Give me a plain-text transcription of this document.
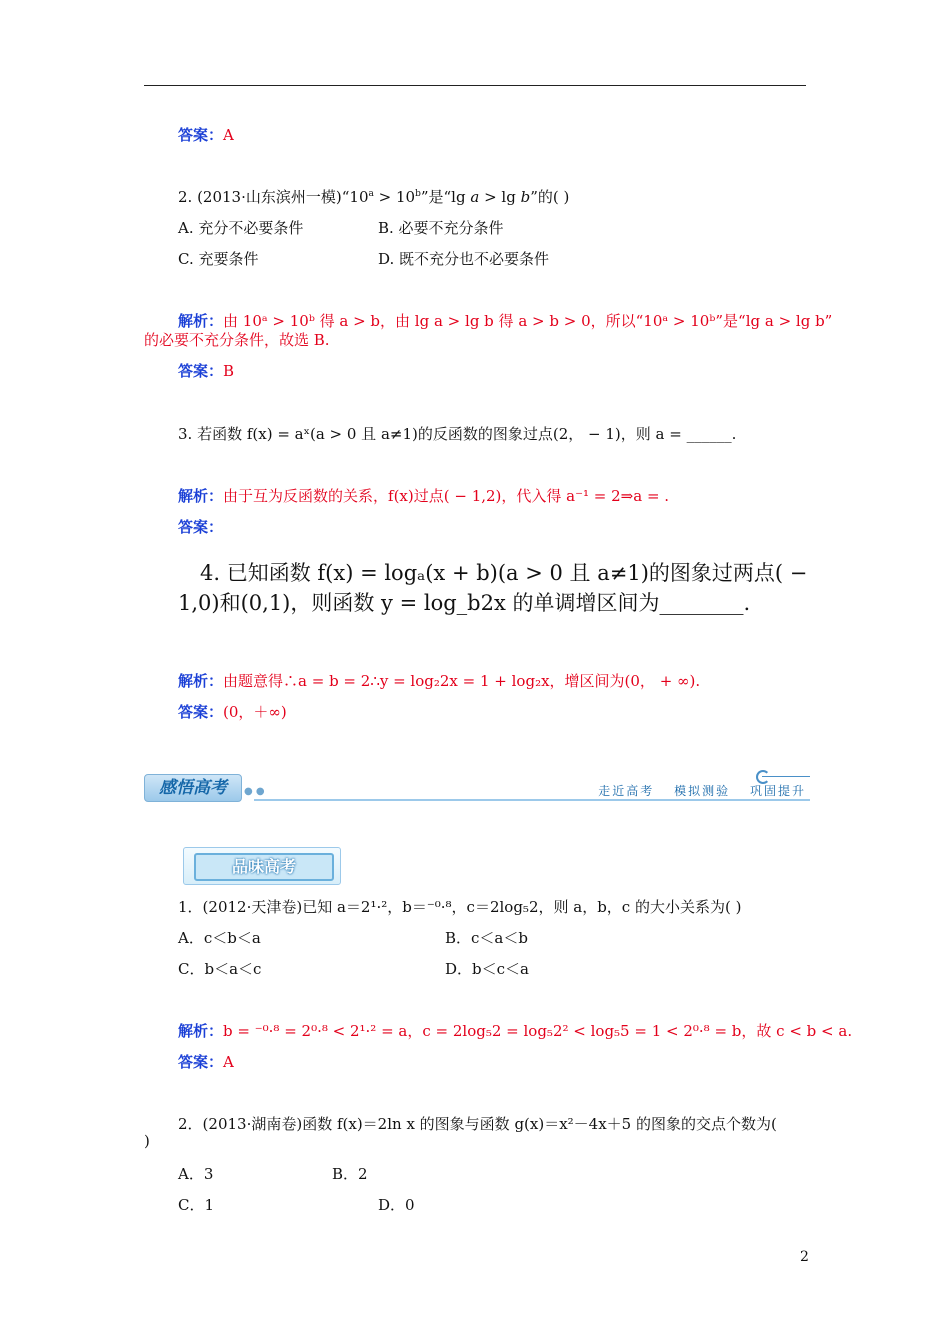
答案：A
2. (2013·山东滨州一模)“$10^a > 10^b$”是“lg a > lg b”的( )
A. 充分不必要条件	B. 必要不充分条件
C. 充要条件	D. 既不充分也不必要条件
解析：由 10ᵃ > 10ᵇ 得 a > b，由 lg a > lg b 得 a > b > 0，所以“10ᵃ > 10ᵇ”是“lg a > lg b”
的必要不充分条件，故选 B.
答案：B
3. 若函数 f(x) = aˣ(a > 0 且 a≠1)的反函数的图象过点(2， − 1)，则 a = ______.
解析：由于互为反函数的关系，f(x)过点( − 1,2)，代入得 a⁻¹ = 2⇒a = .
答案：
4. 已知函数 f(x) = logₐ(x + b)(a > 0 且 a≠1)的图象过两点( −
1,0)和(0,1)，则函数 y = log_b2x 的单调增区间为________.
解析：由题意得∴a = b = 2∴y = log₂2x = 1 + log₂x，增区间为(0， + ∞).
答案：(0，＋∞)
感悟高考	● ●	走近高考 模拟测验 巩固提升
品味高考
1．(2012·天津卷)已知 a＝2¹·²，b＝⁻⁰·⁸，c＝2log₅2，则 a，b，c 的大小关系为( )
A．c＜b＜a	B．c＜a＜b
C．b＜a＜c	D．b＜c＜a
解析：b = ⁻⁰·⁸ = 2⁰·⁸ < 2¹·² = a，c = 2log₅2 = log₅2² < log₅5 = 1 < 2⁰·⁸ = b，故 c < b < a.
答案：A
2．(2013·湖南卷)函数 f(x)＝2ln x 的图象与函数 g(x)＝x²－4x＋5 的图象的交点个数为(
)
A．3	B．2
C．1	D．0
2
